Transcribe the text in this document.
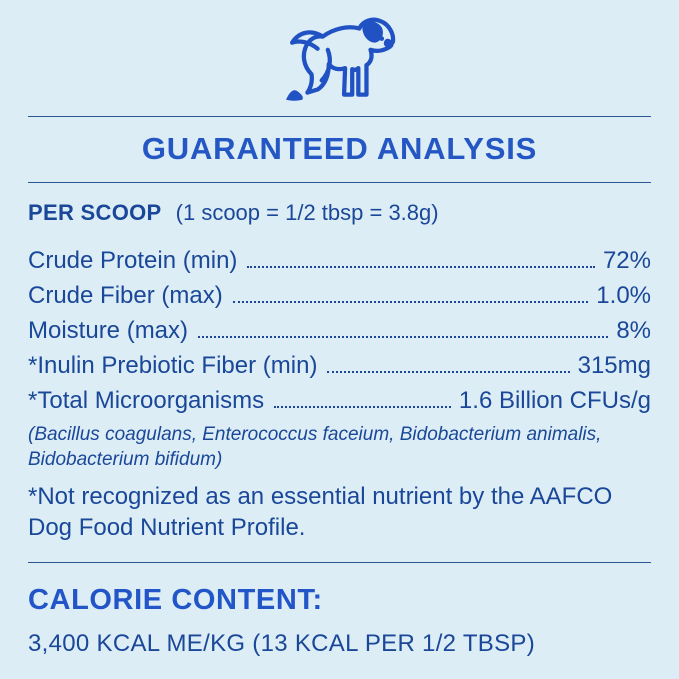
GUARANTEED ANALYSIS
PER SCOOP (1 scoop = 1/2 tbsp = 3.8g)
Crude Protein (min)	72%
Crude Fiber (max)	1.0%
Moisture (max)	8%
*Inulin Prebiotic Fiber (min)	315mg
*Total Microorganisms	1.6 Billion CFUs/g
(Bacillus coagulans, Enterococcus faceium, Bidobacterium animalis, Bidobacterium bifidum)
*Not recognized as an essential nutrient by the AAFCO Dog Food Nutrient Profile.
CALORIE CONTENT:
3,400 KCAL ME/KG (13 KCAL PER 1/2 TBSP)
